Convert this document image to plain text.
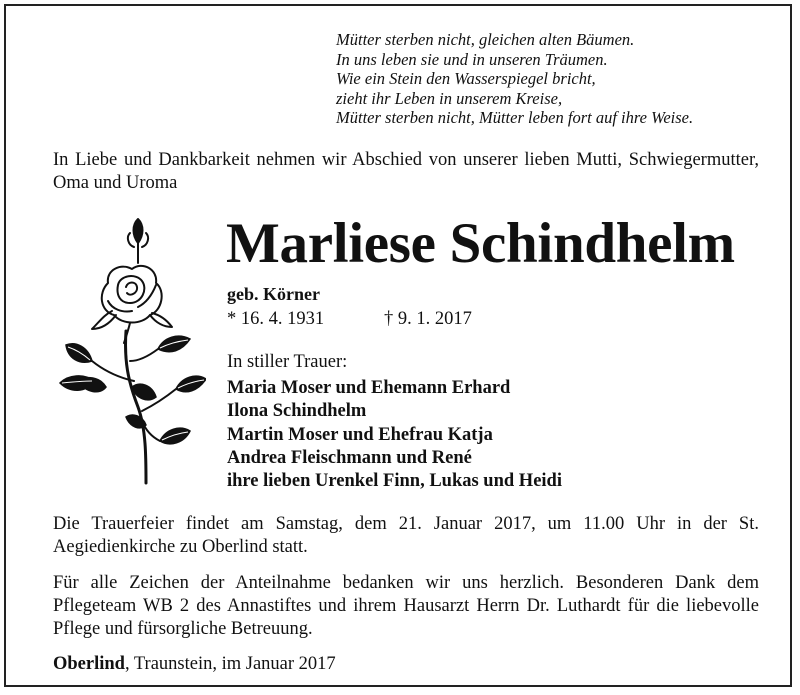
Mütter sterben nicht, gleichen alten Bäumen.
In uns leben sie und in unseren Träumen.
Wie ein Stein den Wasserspiegel bricht,
zieht ihr Leben in unserem Kreise,
Mütter sterben nicht, Mütter leben fort auf ihre Weise.
In Liebe und Dankbarkeit nehmen wir Abschied von unserer lieben Mutti, Schwiegermutter, Oma und Uroma
Marliese Schindhelm
geb. Körner
* 16. 4. 1931	† 9. 1. 2017
In stiller Trauer:
Maria Moser und Ehemann Erhard
Ilona Schindhelm
Martin Moser und Ehefrau Katja
Andrea Fleischmann und René
ihre lieben Urenkel Finn, Lukas und Heidi
Die Trauerfeier findet am Samstag, dem 21. Januar 2017, um 11.00 Uhr in der St. Aegiedienkirche zu Oberlind statt.
Für alle Zeichen der Anteilnahme bedanken wir uns herzlich. Besonderen Dank dem Pflegeteam WB 2 des Annastiftes und ihrem Hausarzt Herrn Dr. Luthardt für die liebevolle Pflege und fürsorgliche Betreuung.
Oberlind, Traunstein, im Januar 2017
